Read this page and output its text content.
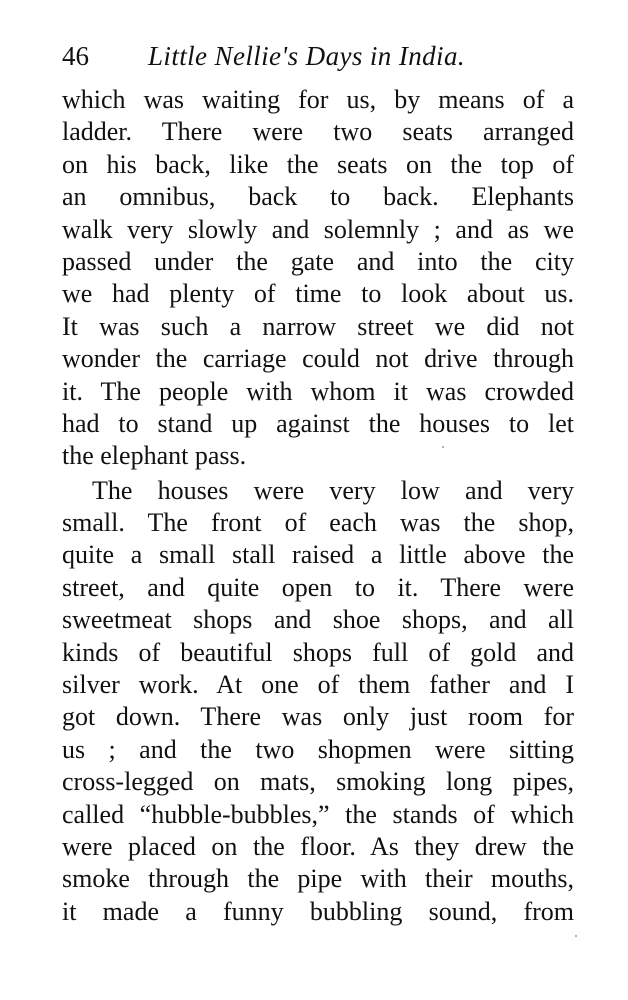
46 Little Nellie's Days in India.
which was waiting for us, by means of a
ladder. There were two seats arranged
on his back, like the seats on the top of
an omnibus, back to back. Elephants
walk very slowly and solemnly ; and as we
passed under the gate and into the city
we had plenty of time to look about us.
It was such a narrow street we did not
wonder the carriage could not drive through
it. The people with whom it was crowded
had to stand up against the houses to let
the elephant pass.
The houses were very low and very
small. The front of each was the shop,
quite a small stall raised a little above the
street, and quite open to it. There were
sweetmeat shops and shoe shops, and all
kinds of beautiful shops full of gold and
silver work. At one of them father and I
got down. There was only just room for
us ; and the two shopmen were sitting
cross-legged on mats, smoking long pipes,
called “hubble-bubbles,” the stands of which
were placed on the floor. As they drew the
smoke through the pipe with their mouths,
it made a funny bubbling sound, from
